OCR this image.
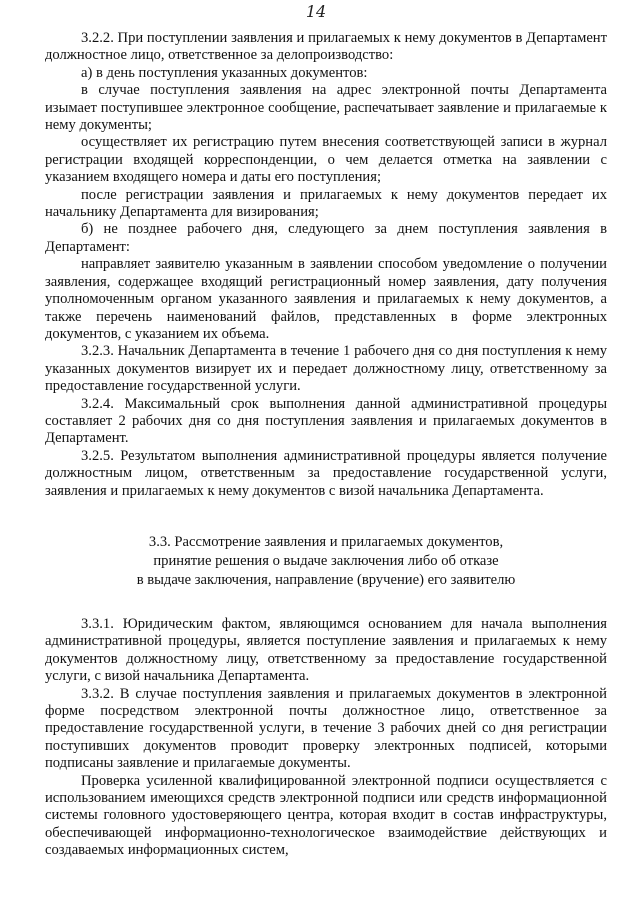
14

3.2.2. При поступлении заявления и прилагаемых к нему документов в Департамент должностное лицо, ответственное за делопроизводство:

а) в день поступления указанных документов:

в случае поступления заявления на адрес электронной почты Департамента изымает поступившее электронное сообщение, распечатывает заявление и прилагаемые к нему документы;

осуществляет их регистрацию путем внесения соответствующей записи в журнал регистрации входящей корреспонденции, о чем делается отметка на заявлении с указанием входящего номера и даты его поступления;

после регистрации заявления и прилагаемых к нему документов передает их начальнику Департамента для визирования;

б) не позднее рабочего дня, следующего за днем поступления заявления в Департамент:

направляет заявителю указанным в заявлении способом уведомление о получении заявления, содержащее входящий регистрационный номер заявления, дату получения уполномоченным органом указанного заявления и прилагаемых к нему документов, а также перечень наименований файлов, представленных в форме электронных документов, с указанием их объема.

3.2.3. Начальник Департамента в течение 1 рабочего дня со дня поступления к нему указанных документов визирует их и передает должностному лицу, ответственному за предоставление государственной услуги.

3.2.4. Максимальный срок выполнения данной административной процедуры составляет 2 рабочих дня со дня поступления заявления и прилагаемых документов в Департамент.

3.2.5. Результатом выполнения административной процедуры является получение должностным лицом, ответственным за предоставление государственной услуги, заявления и прилагаемых к нему документов с визой начальника Департамента.

3.3. Рассмотрение заявления и прилагаемых документов,
принятие решения о выдаче заключения либо об отказе
в выдаче заключения, направление (вручение) его заявителю

3.3.1. Юридическим фактом, являющимся основанием для начала выполнения административной процедуры, является поступление заявления и прилагаемых к нему документов должностному лицу, ответственному за предоставление государственной услуги, с визой начальника Департамента.

3.3.2. В случае поступления заявления и прилагаемых документов в электронной форме посредством электронной почты должностное лицо, ответственное за предоставление государственной услуги, в течение 3 рабочих дней со дня регистрации поступивших документов проводит проверку электронных подписей, которыми подписаны заявление и прилагаемые документы.

Проверка усиленной квалифицированной электронной подписи осуществляется с использованием имеющихся средств электронной подписи или средств информационной системы головного удостоверяющего центра, которая входит в состав инфраструктуры, обеспечивающей информационно-технологическое взаимодействие действующих и создаваемых информационных систем,
